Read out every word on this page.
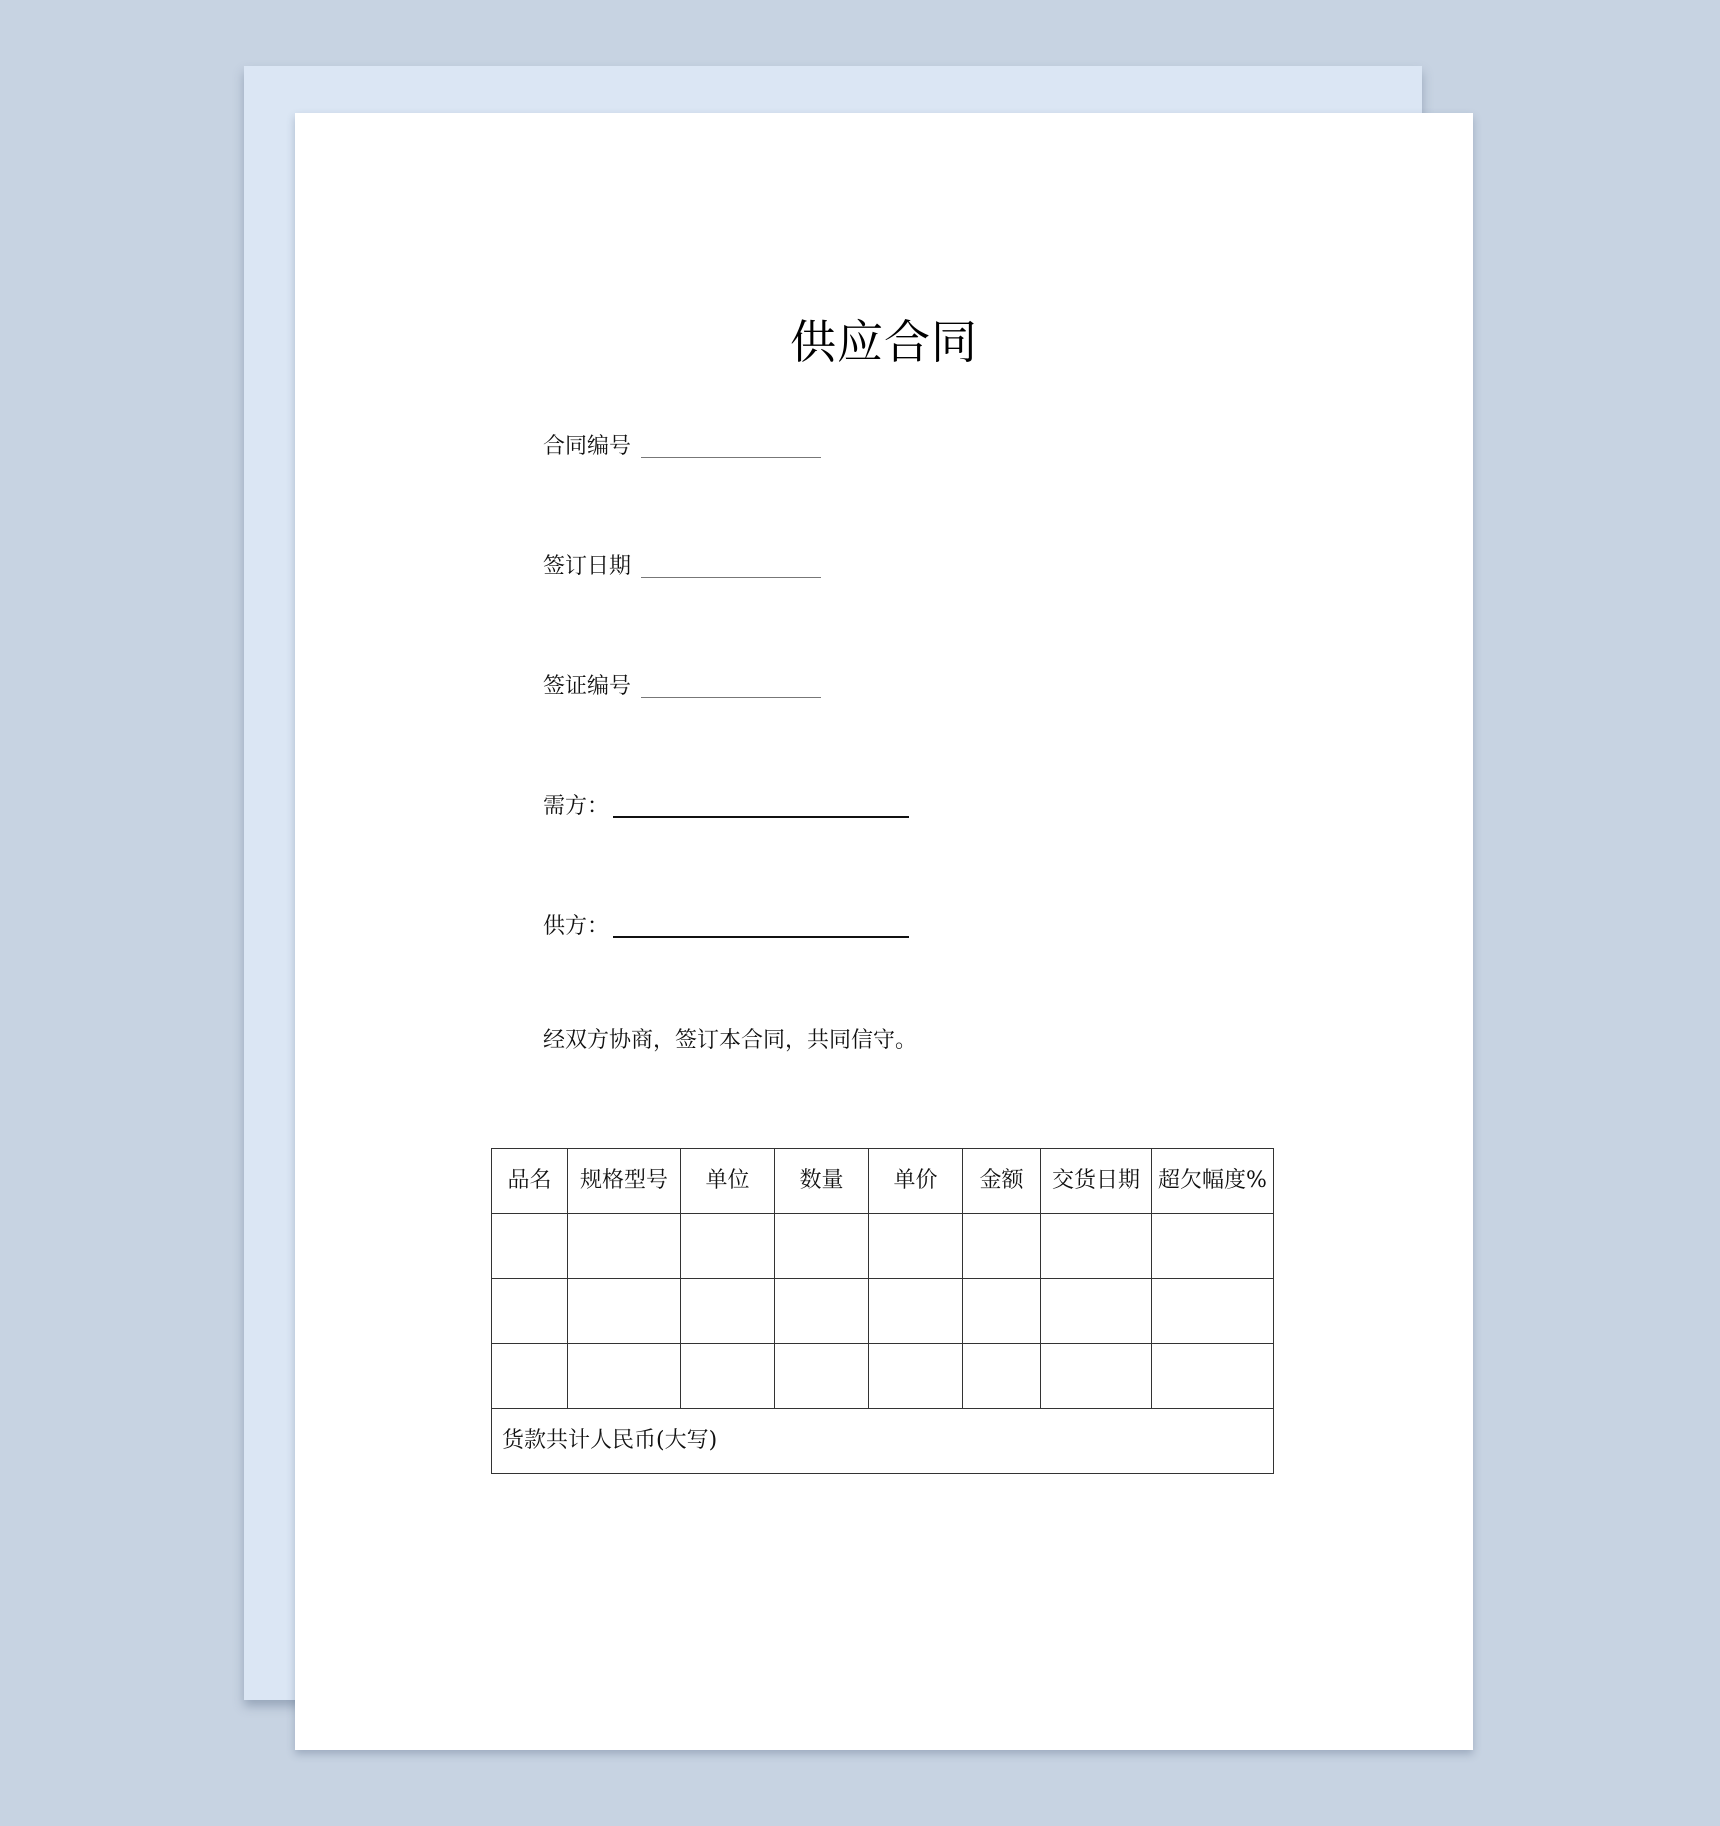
供应合同
合同编号
签订日期
签证编号
需方：
供方：

经双方协商，签订本合同，共同信守。

品名	规格型号	单位	数量	单价	金额	交货日期	超欠幅度%

货款共计人民币(大写)							
